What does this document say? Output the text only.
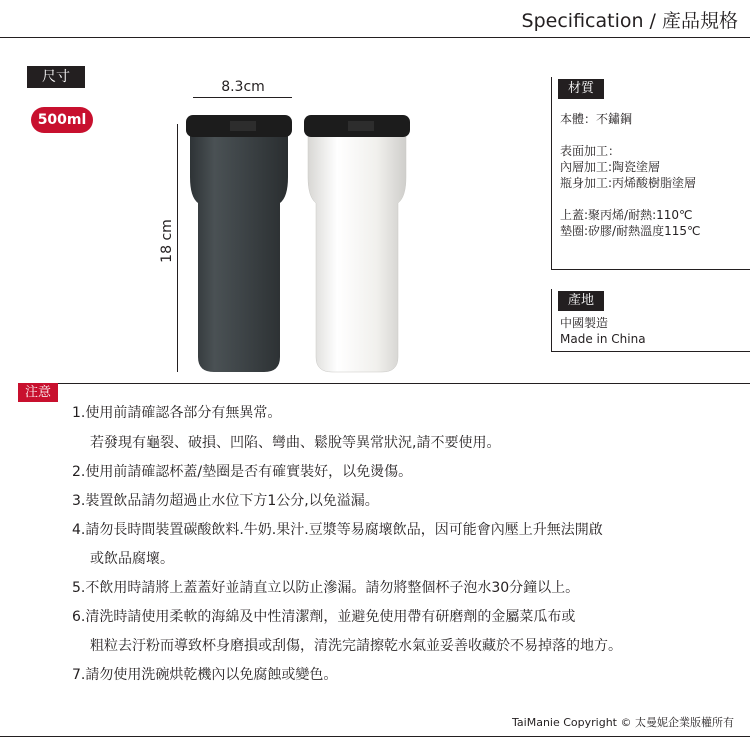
Specification / 產品規格
尺寸
500ml
8.3cm
18 cm
材質
本體：不鏽鋼
表面加工：
內層加工:陶瓷塗層
瓶身加工:丙烯酸樹脂塗層
上蓋:聚丙烯/耐熱:110℃
墊圈:矽膠/耐熱溫度115℃
產地
中國製造
Made in China
注意
1.使用前請確認各部分有無異常。
若發現有龜裂、破損、凹陷、彎曲、鬆脫等異常狀況,請不要使用。
2.使用前請確認杯蓋/墊圈是否有確實裝好，以免燙傷。
3.裝置飲品請勿超過止水位下方1公分,以免溢漏。
4.請勿長時間裝置碳酸飲料.牛奶.果汁.豆漿等易腐壞飲品，因可能會內壓上升無法開啟
或飲品腐壞。
5.不飲用時請將上蓋蓋好並請直立以防止滲漏。請勿將整個杯子泡水30分鐘以上。
6.清洗時請使用柔軟的海綿及中性清潔劑，並避免使用帶有研磨劑的金屬菜瓜布或
粗粒去汙粉而導致杯身磨損或刮傷，清洗完請擦乾水氣並妥善收藏於不易掉落的地方。
7.請勿使用洗碗烘乾機內以免腐蝕或變色。
TaiManie Copyright © 太曼妮企業版權所有
